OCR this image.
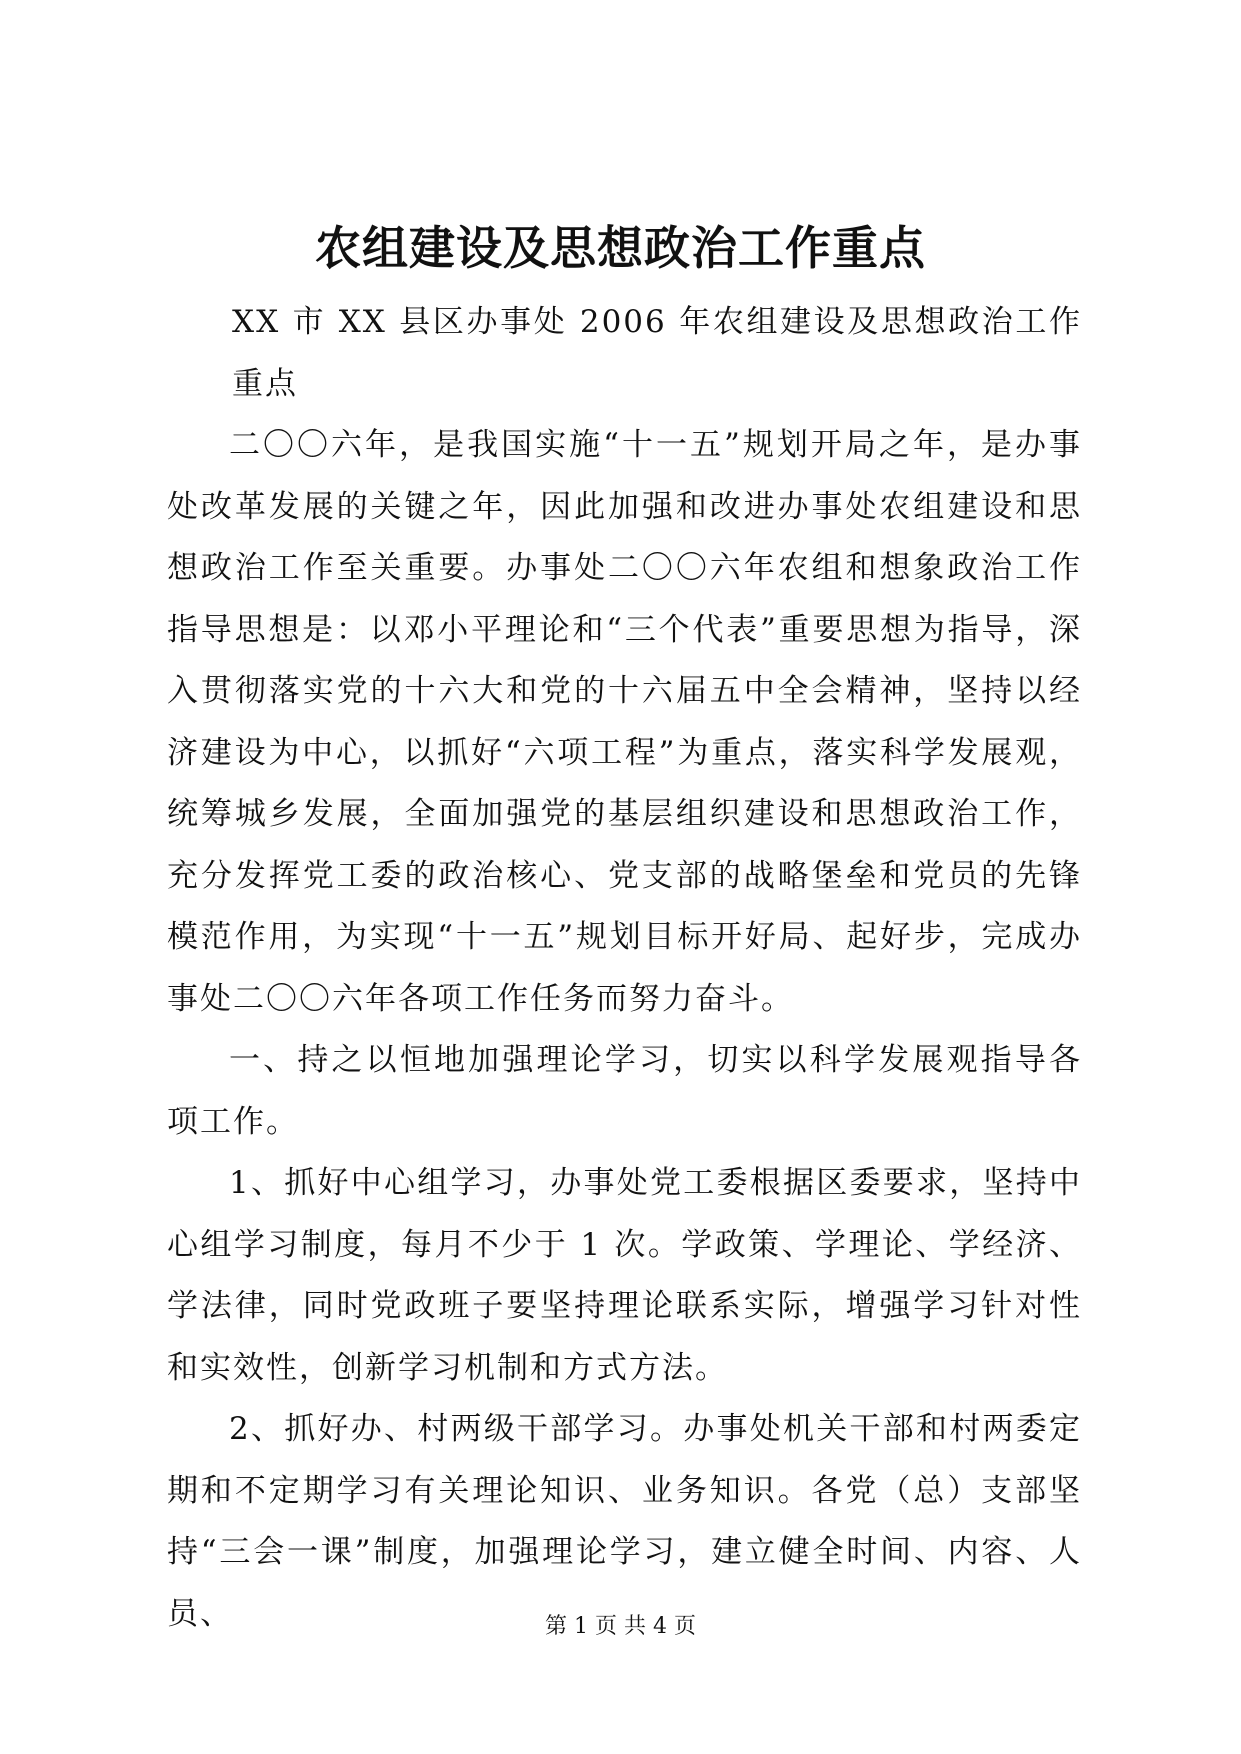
农组建设及思想政治工作重点

XX 市 XX 县区办事处 2006 年农组建设及思想政治工作重点

二〇〇六年，是我国实施“十一五”规划开局之年，是办事处改革发展的关键之年，因此加强和改进办事处农组建设和思想政治工作至关重要。办事处二〇〇六年农组和想象政治工作指导思想是：以邓小平理论和“三个代表”重要思想为指导，深入贯彻落实党的十六大和党的十六届五中全会精神，坚持以经济建设为中心，以抓好“六项工程”为重点，落实科学发展观，统筹城乡发展，全面加强党的基层组织建设和思想政治工作，充分发挥党工委的政治核心、党支部的战略堡垒和党员的先锋模范作用，为实现“十一五”规划目标开好局、起好步，完成办事处二〇〇六年各项工作任务而努力奋斗。

一、持之以恒地加强理论学习，切实以科学发展观指导各项工作。

1、抓好中心组学习，办事处党工委根据区委要求，坚持中心组学习制度，每月不少于 1 次。学政策、学理论、学经济、学法律，同时党政班子要坚持理论联系实际，增强学习针对性和实效性，创新学习机制和方式方法。

2、抓好办、村两级干部学习。办事处机关干部和村两委定期和不定期学习有关理论知识、业务知识。各党（总）支部坚持“三会一课”制度，加强理论学习，建立健全时间、内容、人员、	第 1 页 共 4 页
